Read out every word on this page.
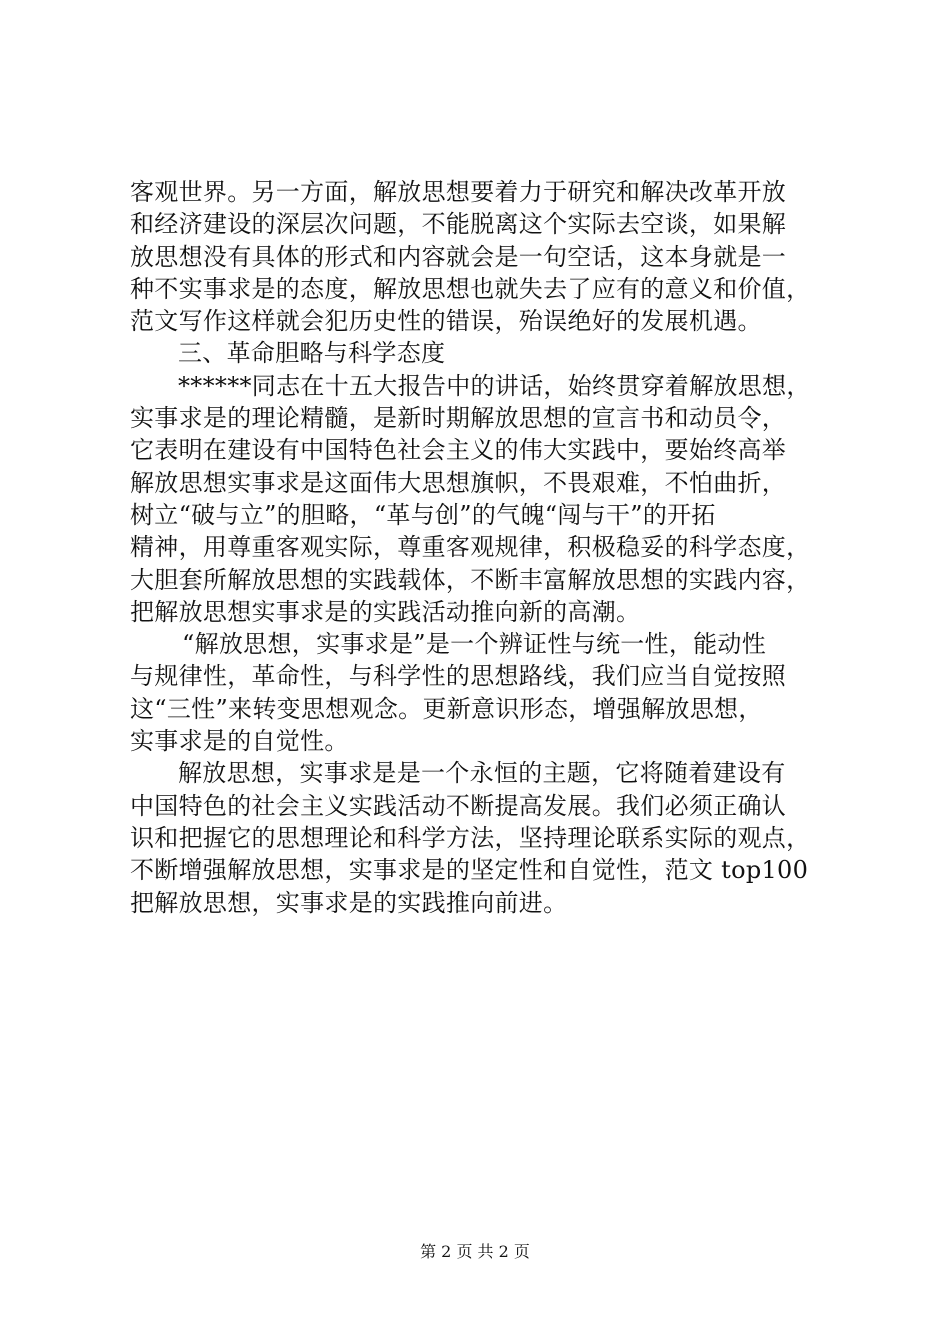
客观世界。另一方面，解放思想要着力于研究和解决改革开放
和经济建设的深层次问题，不能脱离这个实际去空谈，如果解
放思想没有具体的形式和内容就会是一句空话，这本身就是一
种不实事求是的态度，解放思想也就失去了应有的意义和价值，
范文写作这样就会犯历史性的错误，殆误绝好的发展机遇。
三、革命胆略与科学态度
******同志在十五大报告中的讲话，始终贯穿着解放思想，
实事求是的理论精髓，是新时期解放思想的宣言书和动员令，
它表明在建设有中国特色社会主义的伟大实践中，要始终高举
解放思想实事求是这面伟大思想旗帜，不畏艰难，不怕曲折，
树立“破与立”的胆略，“革与创”的气魄“闯与干”的开拓
精神，用尊重客观实际，尊重客观规律，积极稳妥的科学态度，
大胆套所解放思想的实践载体，不断丰富解放思想的实践内容，
把解放思想实事求是的实践活动推向新的高潮。
“解放思想，实事求是”是一个辨证性与统一性，能动性
与规律性，革命性，与科学性的思想路线，我们应当自觉按照
这“三性”来转变思想观念。更新意识形态，增强解放思想，
实事求是的自觉性。
解放思想，实事求是是一个永恒的主题，它将随着建设有
中国特色的社会主义实践活动不断提高发展。我们必须正确认
识和把握它的思想理论和科学方法，坚持理论联系实际的观点，
不断增强解放思想，实事求是的坚定性和自觉性，范文 top100
把解放思想，实事求是的实践推向前进。
第 2 页 共 2 页
